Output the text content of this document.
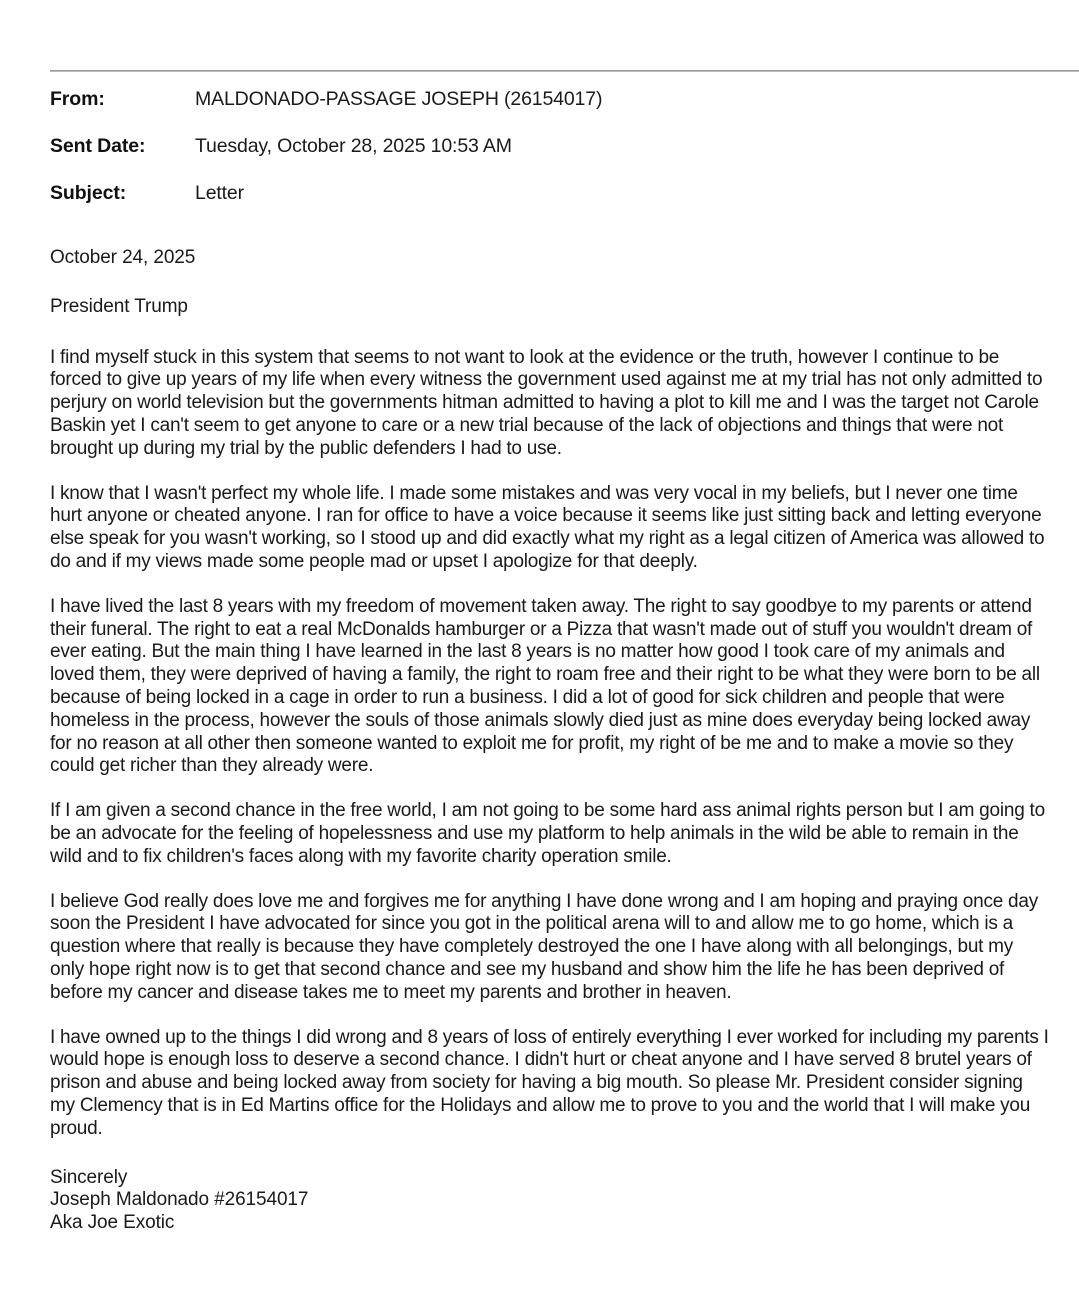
From:	MALDONADO-PASSAGE JOSEPH (26154017)
Sent Date:	Tuesday, October 28, 2025 10:53 AM
Subject:	Letter

October 24, 2025

President Trump

I find myself stuck in this system that seems to not want to look at the evidence or the truth, however I continue to be forced to give up years of my life when every witness the government used against me at my trial has not only admitted to perjury on world television but the governments hitman admitted to having a plot to kill me and I was the target not Carole Baskin yet I can't seem to get anyone to care or a new trial because of the lack of objections and things that were not brought up during my trial by the public defenders I had to use.

I know that I wasn't perfect my whole life. I made some mistakes and was very vocal in my beliefs, but I never one time hurt anyone or cheated anyone. I ran for office to have a voice because it seems like just sitting back and letting everyone else speak for you wasn't working, so I stood up and did exactly what my right as a legal citizen of America was allowed to do and if my views made some people mad or upset I apologize for that deeply.

I have lived the last 8 years with my freedom of movement taken away. The right to say goodbye to my parents or attend their funeral. The right to eat a real McDonalds hamburger or a Pizza that wasn't made out of stuff you wouldn't dream of ever eating. But the main thing I have learned in the last 8 years is no matter how good I took care of my animals and loved them, they were deprived of having a family, the right to roam free and their right to be what they were born to be all because of being locked in a cage in order to run a business. I did a lot of good for sick children and people that were homeless in the process, however the souls of those animals slowly died just as mine does everyday being locked away for no reason at all other then someone wanted to exploit me for profit, my right of be me and to make a movie so they could get richer than they already were.

If I am given a second chance in the free world, I am not going to be some hard ass animal rights person but I am going to be an advocate for the feeling of hopelessness and use my platform to help animals in the wild be able to remain in the wild and to fix children's faces along with my favorite charity operation smile.

I believe God really does love me and forgives me for anything I have done wrong and I am hoping and praying once day soon the President I have advocated for since you got in the political arena will to and allow me to go home, which is a question where that really is because they have completely destroyed the one I have along with all belongings, but my only hope right now is to get that second chance and see my husband and show him the life he has been deprived of before my cancer and disease takes me to meet my parents and brother in heaven.

I have owned up to the things I did wrong and 8 years of loss of entirely everything I ever worked for including my parents I would hope is enough loss to deserve a second chance. I didn't hurt or cheat anyone and I have served 8 brutel years of prison and abuse and being locked away from society for having a big mouth. So please Mr. President consider signing my Clemency that is in Ed Martins office for the Holidays and allow me to prove to you and the world that I will make you proud.

Sincerely
Joseph Maldonado #26154017
Aka Joe Exotic
